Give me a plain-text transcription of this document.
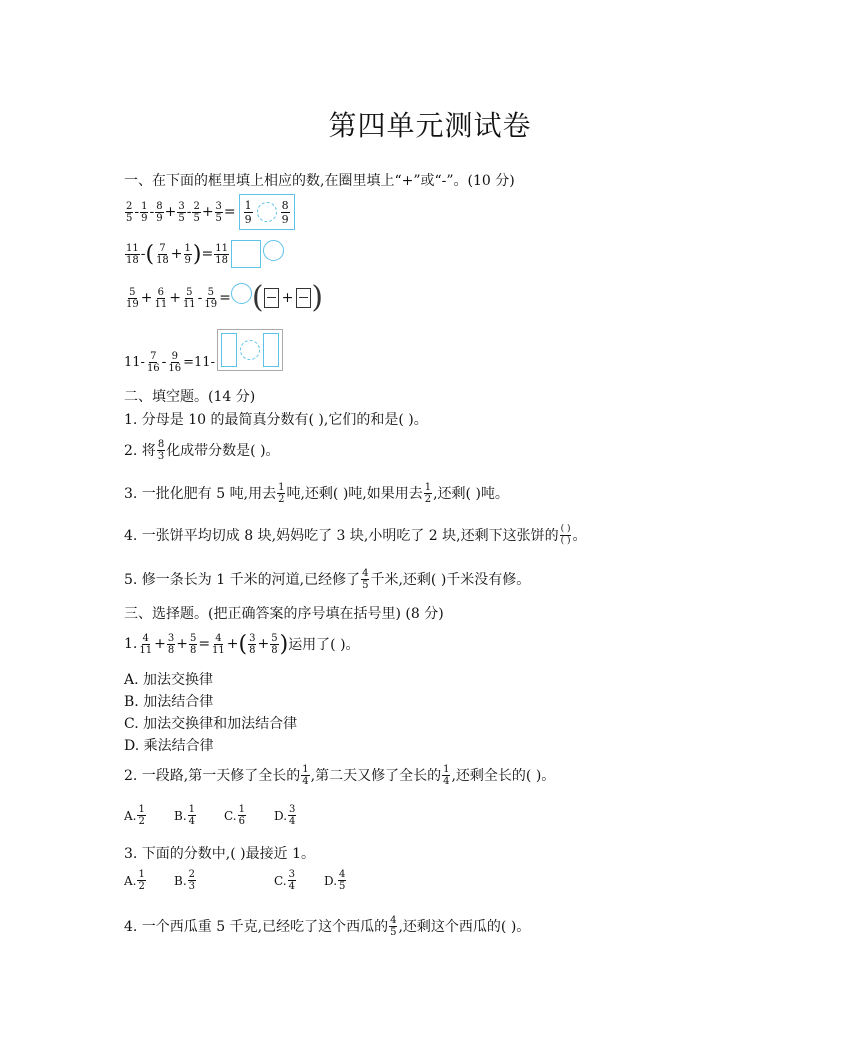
第四单元测试卷
一、在下面的框里填上相应的数,在圈里填上“+”或“-”。(10 分)
$\frac{2}{5} - \frac{1}{9} - \frac{8}{9} + \frac{3}{5} - \frac{2}{5} + \frac{3}{5} = \frac{1}{9}$	$\frac{8}{9}$
$\frac{11}{18}$ - ( $\frac{7}{18} + \frac{1}{9}$ ) = $\frac{11}{18}$
$\frac{5}{19} + \frac{6}{11} + \frac{5}{11} - \frac{5}{19}$ = ( + )
$11- \frac{7}{16} - \frac{9}{16} =11-$
二、填空题。(14 分)
1. 分母是 10 的最简真分数有( ),它们的和是( )。
2. 将 $\frac{8}{3}$ 化成带分数是( )。
3. 一批化肥有 5 吨,用去 $\frac{1}{2}$ 吨,还剩( )吨,如果用去 $\frac{1}{2}$ ,还剩( )吨。
4. 一张饼平均切成 8 块,妈妈吃了 3 块,小明吃了 2 块,还剩下这张饼的 $\frac{( )}{( )}$ 。
5. 修一条长为 1 千米的河道,已经修了 $\frac{4}{5}$ 千米,还剩( )千米没有修。
三、选择题。(把正确答案的序号填在括号里) (8 分)
1. $\frac{4}{11} + \frac{3}{8} + \frac{5}{8} = \frac{4}{11}$ + ( $\frac{3}{8} + \frac{5}{8}$ ) 运用了( )。
A. 加法交换律
B. 加法结合律
C. 加法交换律和加法结合律
D. 乘法结合律
2. 一段路,第一天修了全长的 $\frac{1}{4}$ ,第二天又修了全长的 $\frac{1}{4}$ ,还剩全长的( )。
A. $\frac{1}{2} B$. $\frac{1}{4} C$. $\frac{1}{6} D$. $\frac{3}{4}$
3. 下面的分数中,( )最接近 1。
A. $\frac{1}{2} B$. $\frac{2}{3}$	C. $\frac{3}{4} D$. $\frac{4}{5}$
4. 一个西瓜重 5 千克,已经吃了这个西瓜的 $\frac{4}{5}$ ,还剩这个西瓜的( )。
